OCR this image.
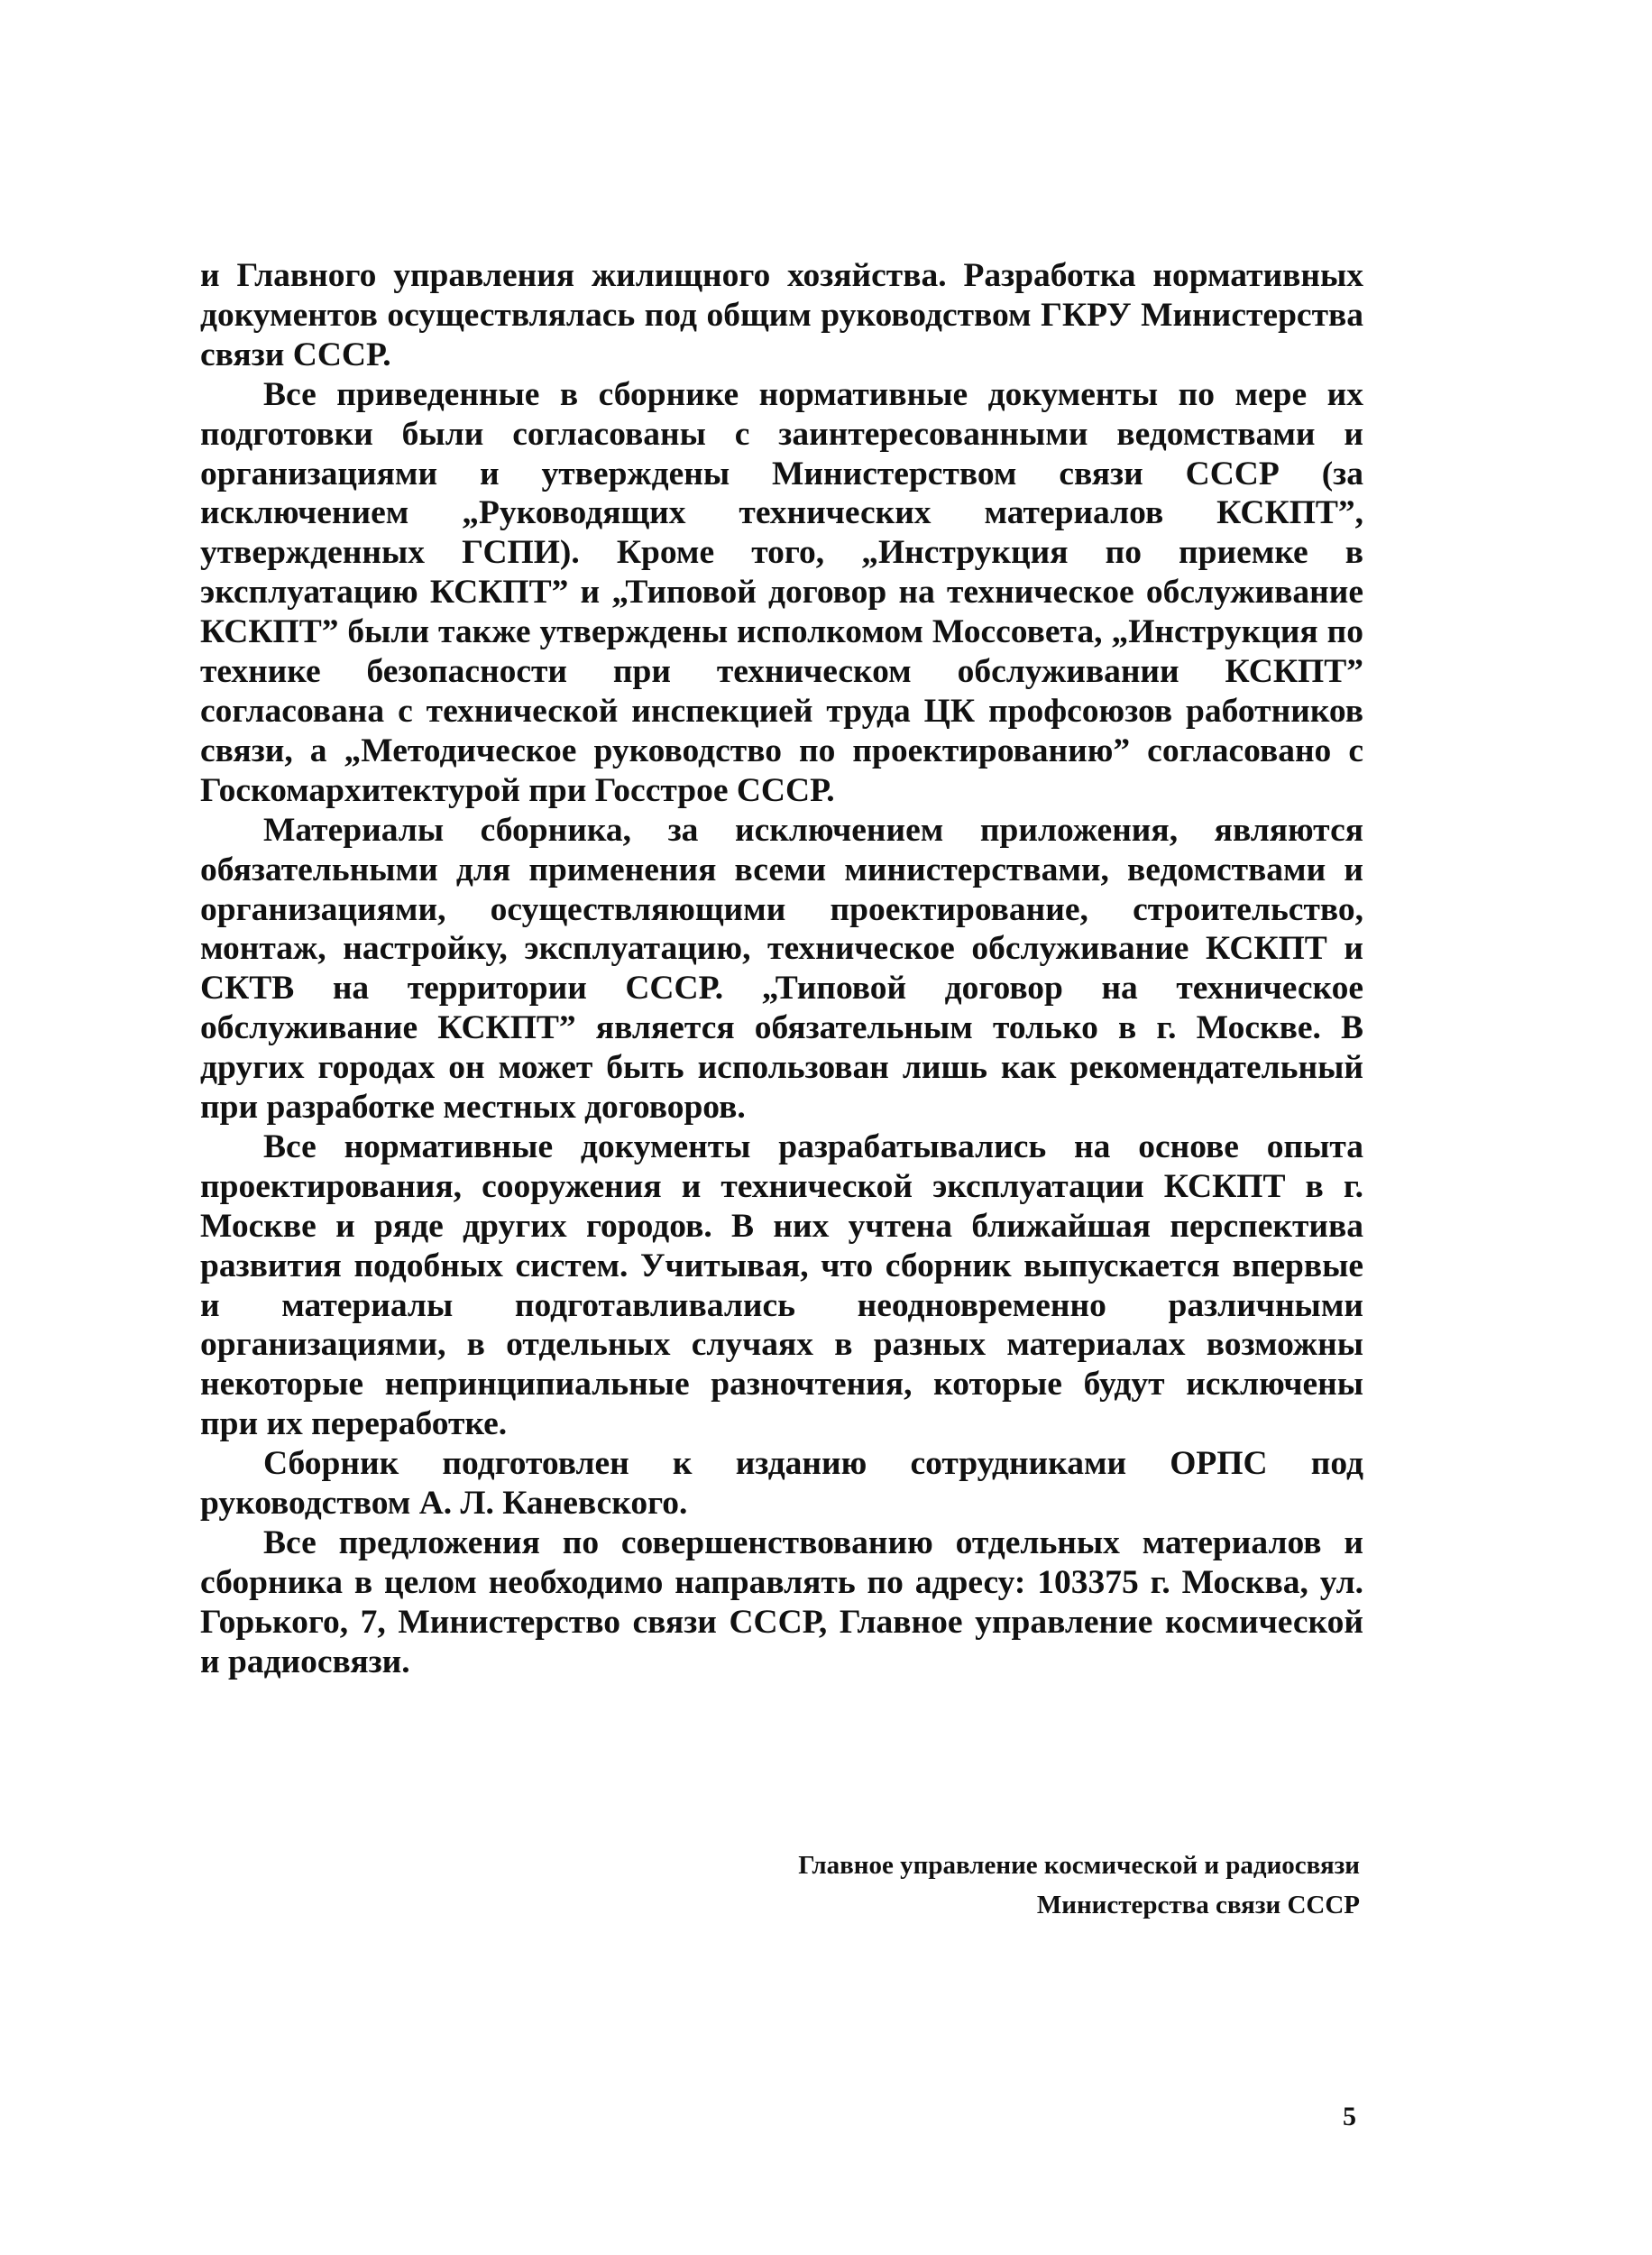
и Главного управления жилищного хозяйства. Разработка нормативных документов осуществлялась под общим руководством ГКРУ Министерства связи СССР.

Все приведенные в сборнике нормативные документы по мере их подготовки были согласованы с заинтересованными ведомствами и организациями и утверждены Министерством связи СССР (за исключением „Руководящих технических материалов КСКПТ”, утвержденных ГСПИ). Кроме того, „Инструкция по приемке в эксплуатацию КСКПТ” и „Типовой договор на техническое обслуживание КСКПТ” были также утверждены исполкомом Моссовета, „Инструкция по технике безопасности при техническом обслуживании КСКПТ” согласована с технической инспекцией труда ЦК профсоюзов работников связи, а „Методическое руководство по проектированию” согласовано с Госкомархитектурой при Госстрое СССР.

Материалы сборника, за исключением приложения, являются обязательными для применения всеми министерствами, ведомствами и организациями, осуществляющими проектирование, строительство, монтаж, настройку, эксплуатацию, техническое обслуживание КСКПТ и СКТВ на территории СССР. „Типовой договор на техническое обслуживание КСКПТ” является обязательным только в г. Москве. В других городах он может быть использован лишь как рекомендательный при разработке местных договоров.

Все нормативные документы разрабатывались на основе опыта проектирования, сооружения и технической эксплуатации КСКПТ в г. Москве и ряде других городов. В них учтена ближайшая перспектива развития подобных систем. Учитывая, что сборник выпускается впервые и материалы подготавливались неодновременно различными организациями, в отдельных случаях в разных материалах возможны некоторые непринципиальные разночтения, которые будут исключены при их переработке.

Сборник подготовлен к изданию сотрудниками ОРПС под руководством А. Л. Каневского.

Все предложения по совершенствованию отдельных материалов и сборника в целом необходимо направлять по адресу: 103375 г. Москва, ул. Горького, 7, Министерство связи СССР, Главное управление космической и радиосвязи.

Главное управление космической и радиосвязи
Министерства связи СССР
5
